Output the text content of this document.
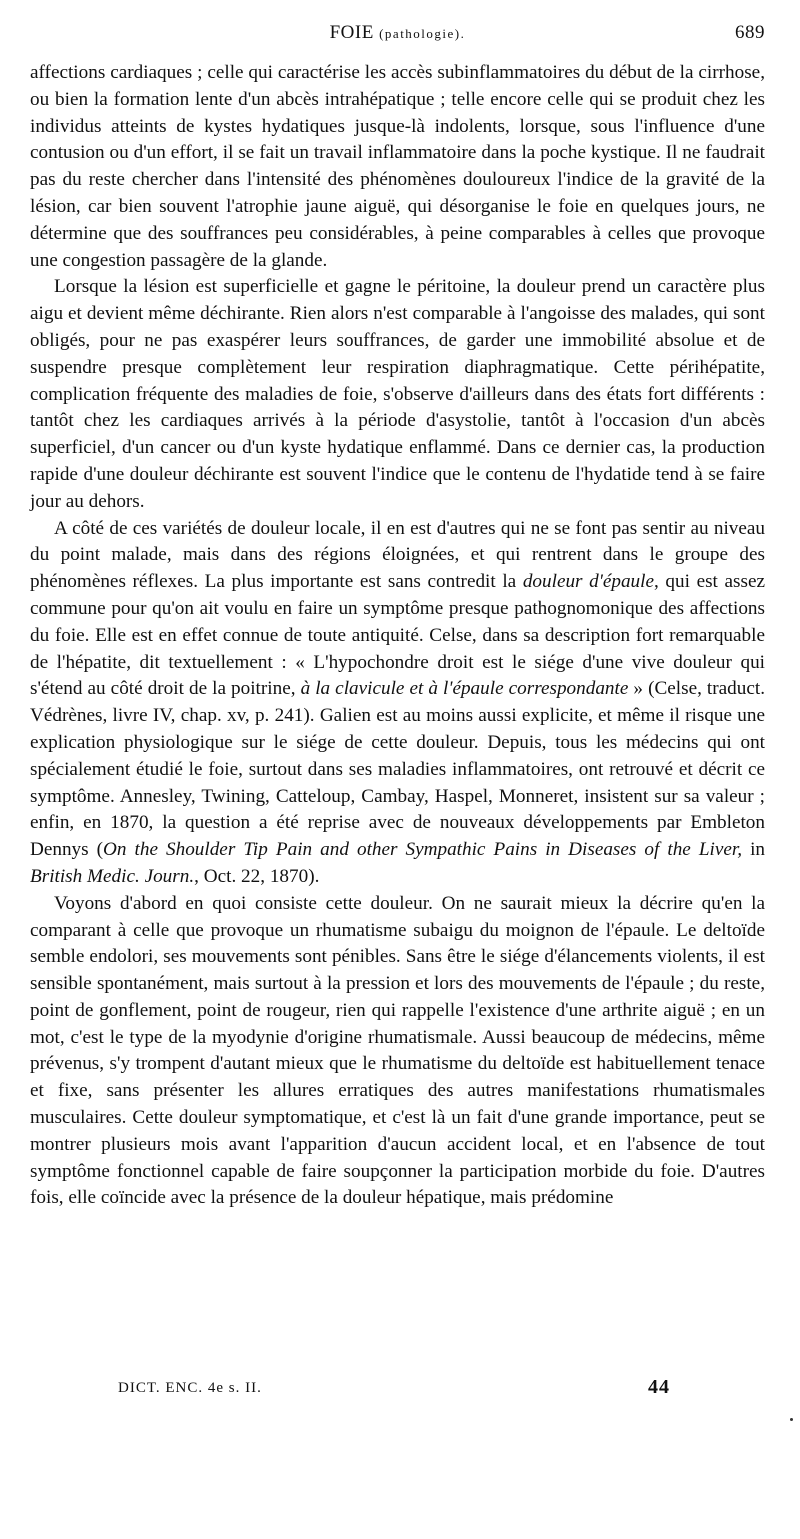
FOIE (pathologie).	689

affections cardiaques ; celle qui caractérise les accès subinflammatoires du début de la cirrhose, ou bien la formation lente d'un abcès intrahépatique ; telle encore celle qui se produit chez les individus atteints de kystes hydatiques jusque-là indolents, lorsque, sous l'influence d'une contusion ou d'un effort, il se fait un travail inflammatoire dans la poche kystique. Il ne faudrait pas du reste chercher dans l'intensité des phénomènes douloureux l'indice de la gravité de la lésion, car bien souvent l'atrophie jaune aiguë, qui désorganise le foie en quelques jours, ne détermine que des souffrances peu considérables, à peine comparables à celles que provoque une congestion passagère de la glande.

Lorsque la lésion est superficielle et gagne le péritoine, la douleur prend un caractère plus aigu et devient même déchirante. Rien alors n'est comparable à l'angoisse des malades, qui sont obligés, pour ne pas exaspérer leurs souffrances, de garder une immobilité absolue et de suspendre presque complètement leur respiration diaphragmatique. Cette périhépatite, complication fréquente des maladies de foie, s'observe d'ailleurs dans des états fort différents : tantôt chez les cardiaques arrivés à la période d'asystolie, tantôt à l'occasion d'un abcès superficiel, d'un cancer ou d'un kyste hydatique enflammé. Dans ce dernier cas, la production rapide d'une douleur déchirante est souvent l'indice que le contenu de l'hydatide tend à se faire jour au dehors.

A côté de ces variétés de douleur locale, il en est d'autres qui ne se font pas sentir au niveau du point malade, mais dans des régions éloignées, et qui rentrent dans le groupe des phénomènes réflexes. La plus importante est sans contredit la douleur d'épaule, qui est assez commune pour qu'on ait voulu en faire un symptôme presque pathognomonique des affections du foie. Elle est en effet connue de toute antiquité. Celse, dans sa description fort remarquable de l'hépatite, dit textuellement : « L'hypochondre droit est le siége d'une vive douleur qui s'étend au côté droit de la poitrine, à la clavicule et à l'épaule correspondante » (Celse, traduct. Védrènes, livre IV, chap. xv, p. 241). Galien est au moins aussi explicite, et même il risque une explication physiologique sur le siége de cette douleur. Depuis, tous les médecins qui ont spécialement étudié le foie, surtout dans ses maladies inflammatoires, ont retrouvé et décrit ce symptôme. Annesley, Twining, Catteloup, Cambay, Haspel, Monneret, insistent sur sa valeur ; enfin, en 1870, la question a été reprise avec de nouveaux développements par Embleton Dennys (On the Shoulder Tip Pain and other Sympathic Pains in Diseases of the Liver, in British Medic. Journ., Oct. 22, 1870).

Voyons d'abord en quoi consiste cette douleur. On ne saurait mieux la décrire qu'en la comparant à celle que provoque un rhumatisme subaigu du moignon de l'épaule. Le deltoïde semble endolori, ses mouvements sont pénibles. Sans être le siége d'élancements violents, il est sensible spontanément, mais surtout à la pression et lors des mouvements de l'épaule ; du reste, point de gonflement, point de rougeur, rien qui rappelle l'existence d'une arthrite aiguë ; en un mot, c'est le type de la myodynie d'origine rhumatismale. Aussi beaucoup de médecins, même prévenus, s'y trompent d'autant mieux que le rhumatisme du deltoïde est habituellement tenace et fixe, sans présenter les allures erratiques des autres manifestations rhumatismales musculaires. Cette douleur symptomatique, et c'est là un fait d'une grande importance, peut se montrer plusieurs mois avant l'apparition d'aucun accident local, et en l'absence de tout symptôme fonctionnel capable de faire soupçonner la participation morbide du foie. D'autres fois, elle coïncide avec la présence de la douleur hépatique, mais prédomine

DICT. ENC. 4e s. II.	44
